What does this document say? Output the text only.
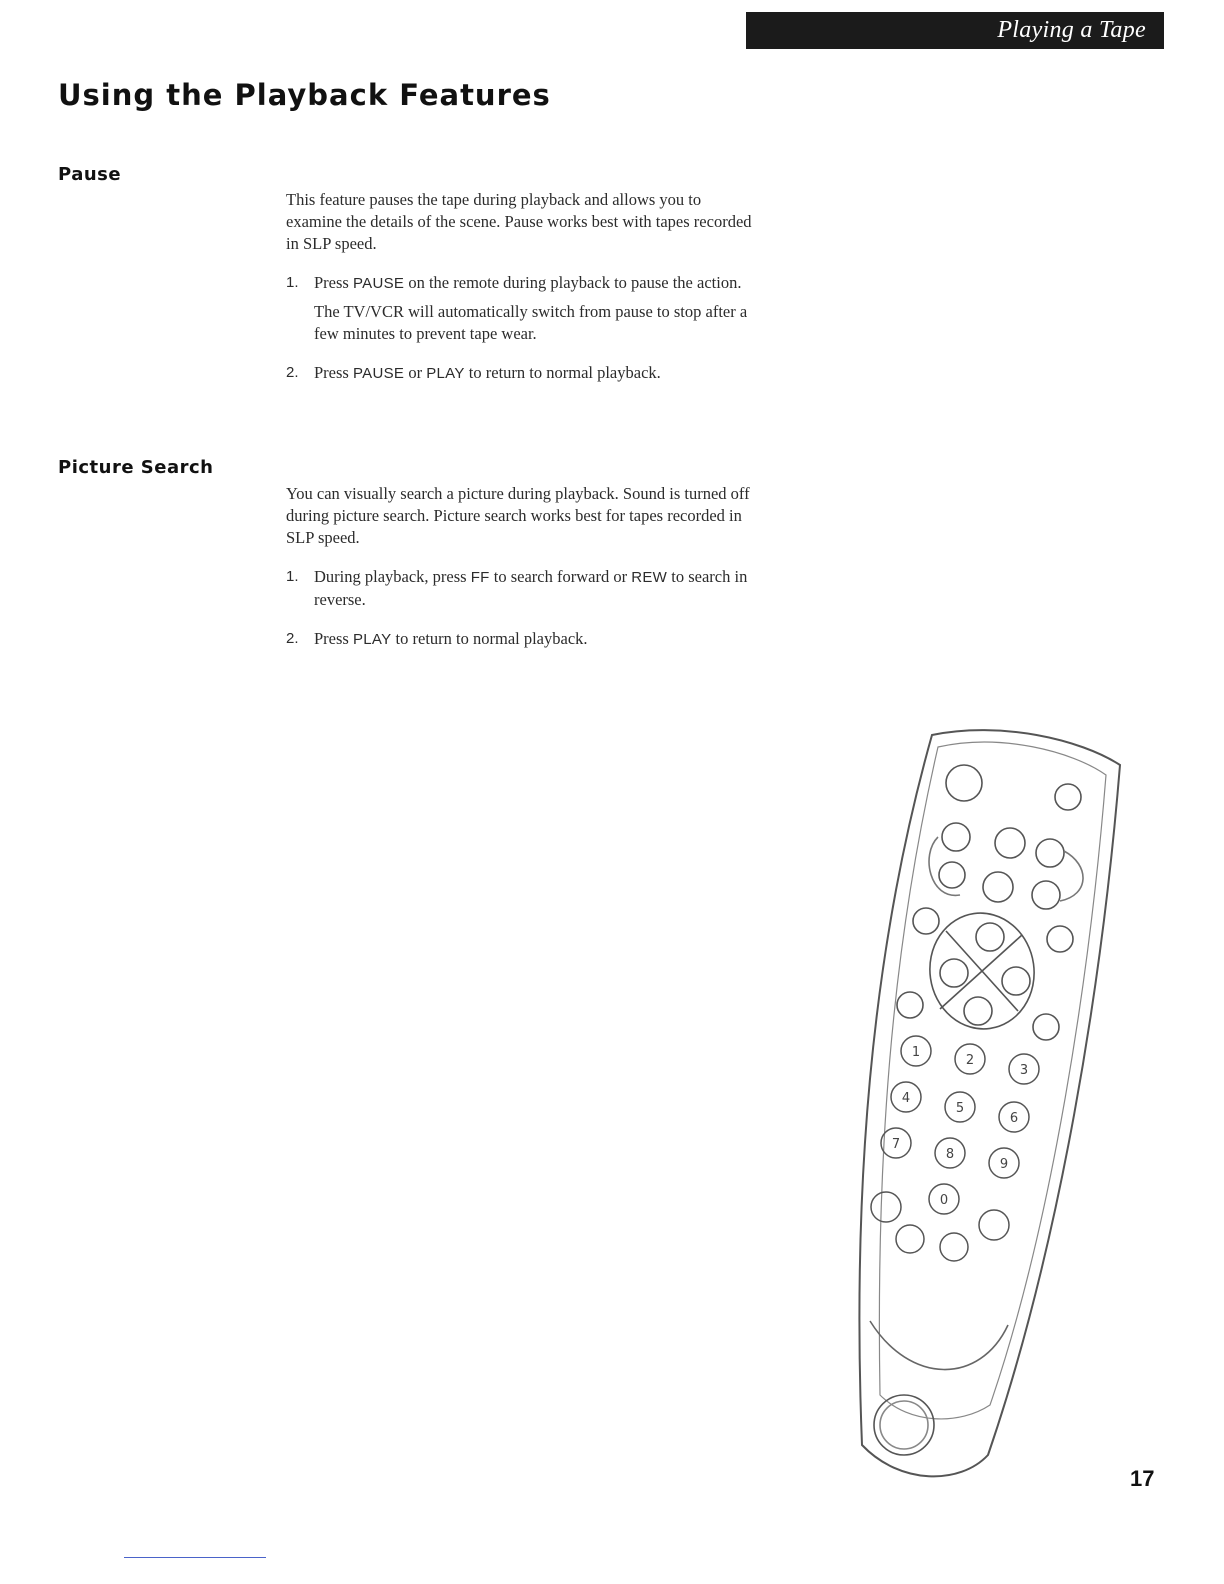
Playing a Tape
Using the Playback Features
Pause

This feature pauses the tape during playback and allows you to examine the details of the scene. Pause works best with tapes recorded in SLP speed.

1. Press PAUSE on the remote during playback to pause the action.

The TV/VCR will automatically switch from pause to stop after a few minutes to prevent tape wear.

2. Press PAUSE or PLAY to return to normal playback.
Picture Search

You can visually search a picture during playback. Sound is turned off during picture search. Picture search works best for tapes recorded in SLP speed.

1. During playback, press FF to search forward or REW to search in reverse.
2. Press PLAY to return to normal playback.
1
2
3
4
5
6
7
8
9
0
17
